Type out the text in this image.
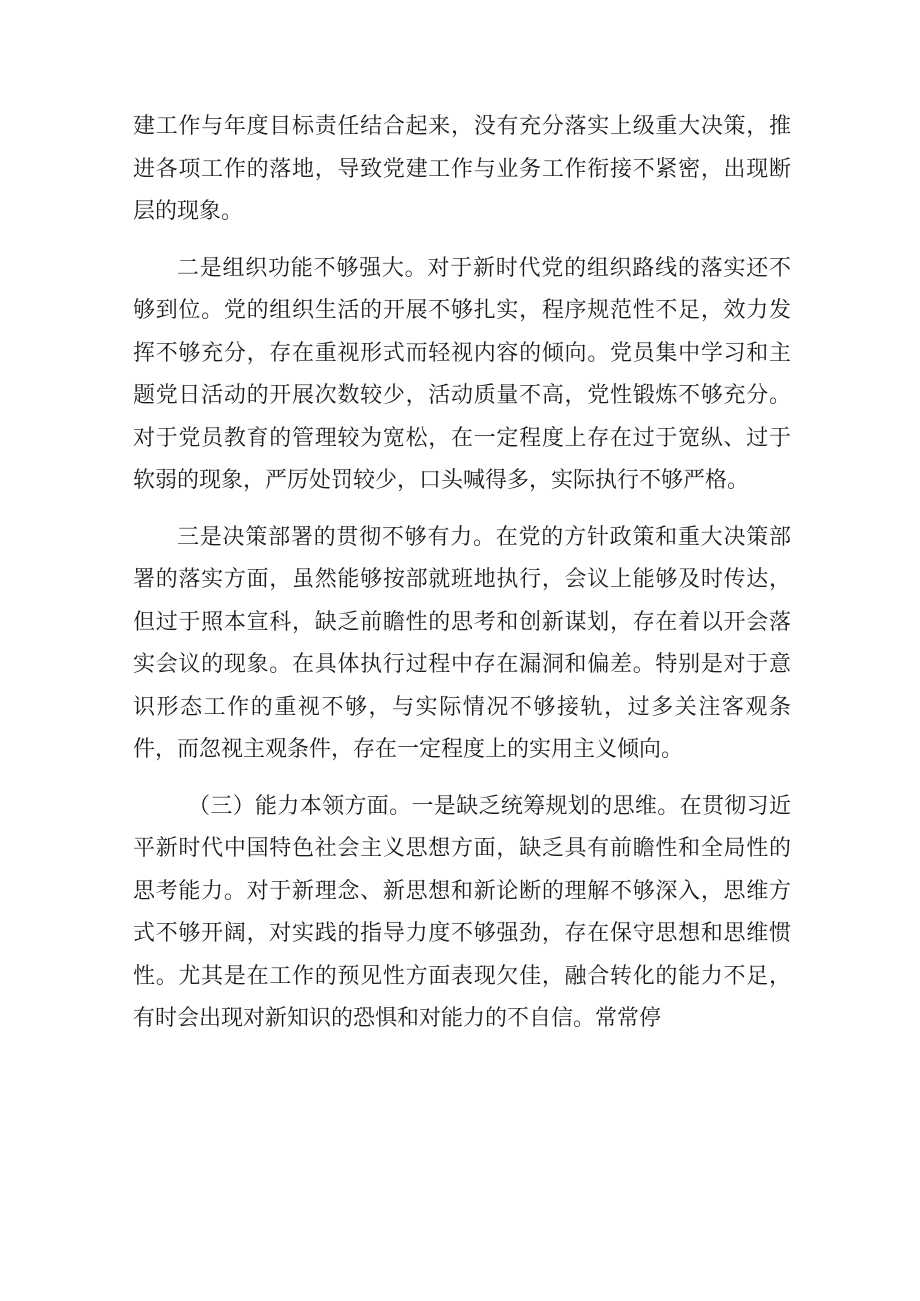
建工作与年度目标责任结合起来，没有充分落实上级重大决策，推进各项工作的落地，导致党建工作与业务工作衔接不紧密，出现断层的现象。

二是组织功能不够强大。对于新时代党的组织路线的落实还不够到位。党的组织生活的开展不够扎实，程序规范性不足，效力发挥不够充分，存在重视形式而轻视内容的倾向。党员集中学习和主题党日活动的开展次数较少，活动质量不高，党性锻炼不够充分。对于党员教育的管理较为宽松，在一定程度上存在过于宽纵、过于软弱的现象，严厉处罚较少，口头喊得多，实际执行不够严格。

三是决策部署的贯彻不够有力。在党的方针政策和重大决策部署的落实方面，虽然能够按部就班地执行，会议上能够及时传达，但过于照本宣科，缺乏前瞻性的思考和创新谋划，存在着以开会落实会议的现象。在具体执行过程中存在漏洞和偏差。特别是对于意识形态工作的重视不够，与实际情况不够接轨，过多关注客观条件，而忽视主观条件，存在一定程度上的实用主义倾向。

（三）能力本领方面。一是缺乏统筹规划的思维。在贯彻习近平新时代中国特色社会主义思想方面，缺乏具有前瞻性和全局性的思考能力。对于新理念、新思想和新论断的理解不够深入，思维方式不够开阔，对实践的指导力度不够强劲，存在保守思想和思维惯性。尤其是在工作的预见性方面表现欠佳，融合转化的能力不足，有时会出现对新知识的恐惧和对能力的不自信。常常停
